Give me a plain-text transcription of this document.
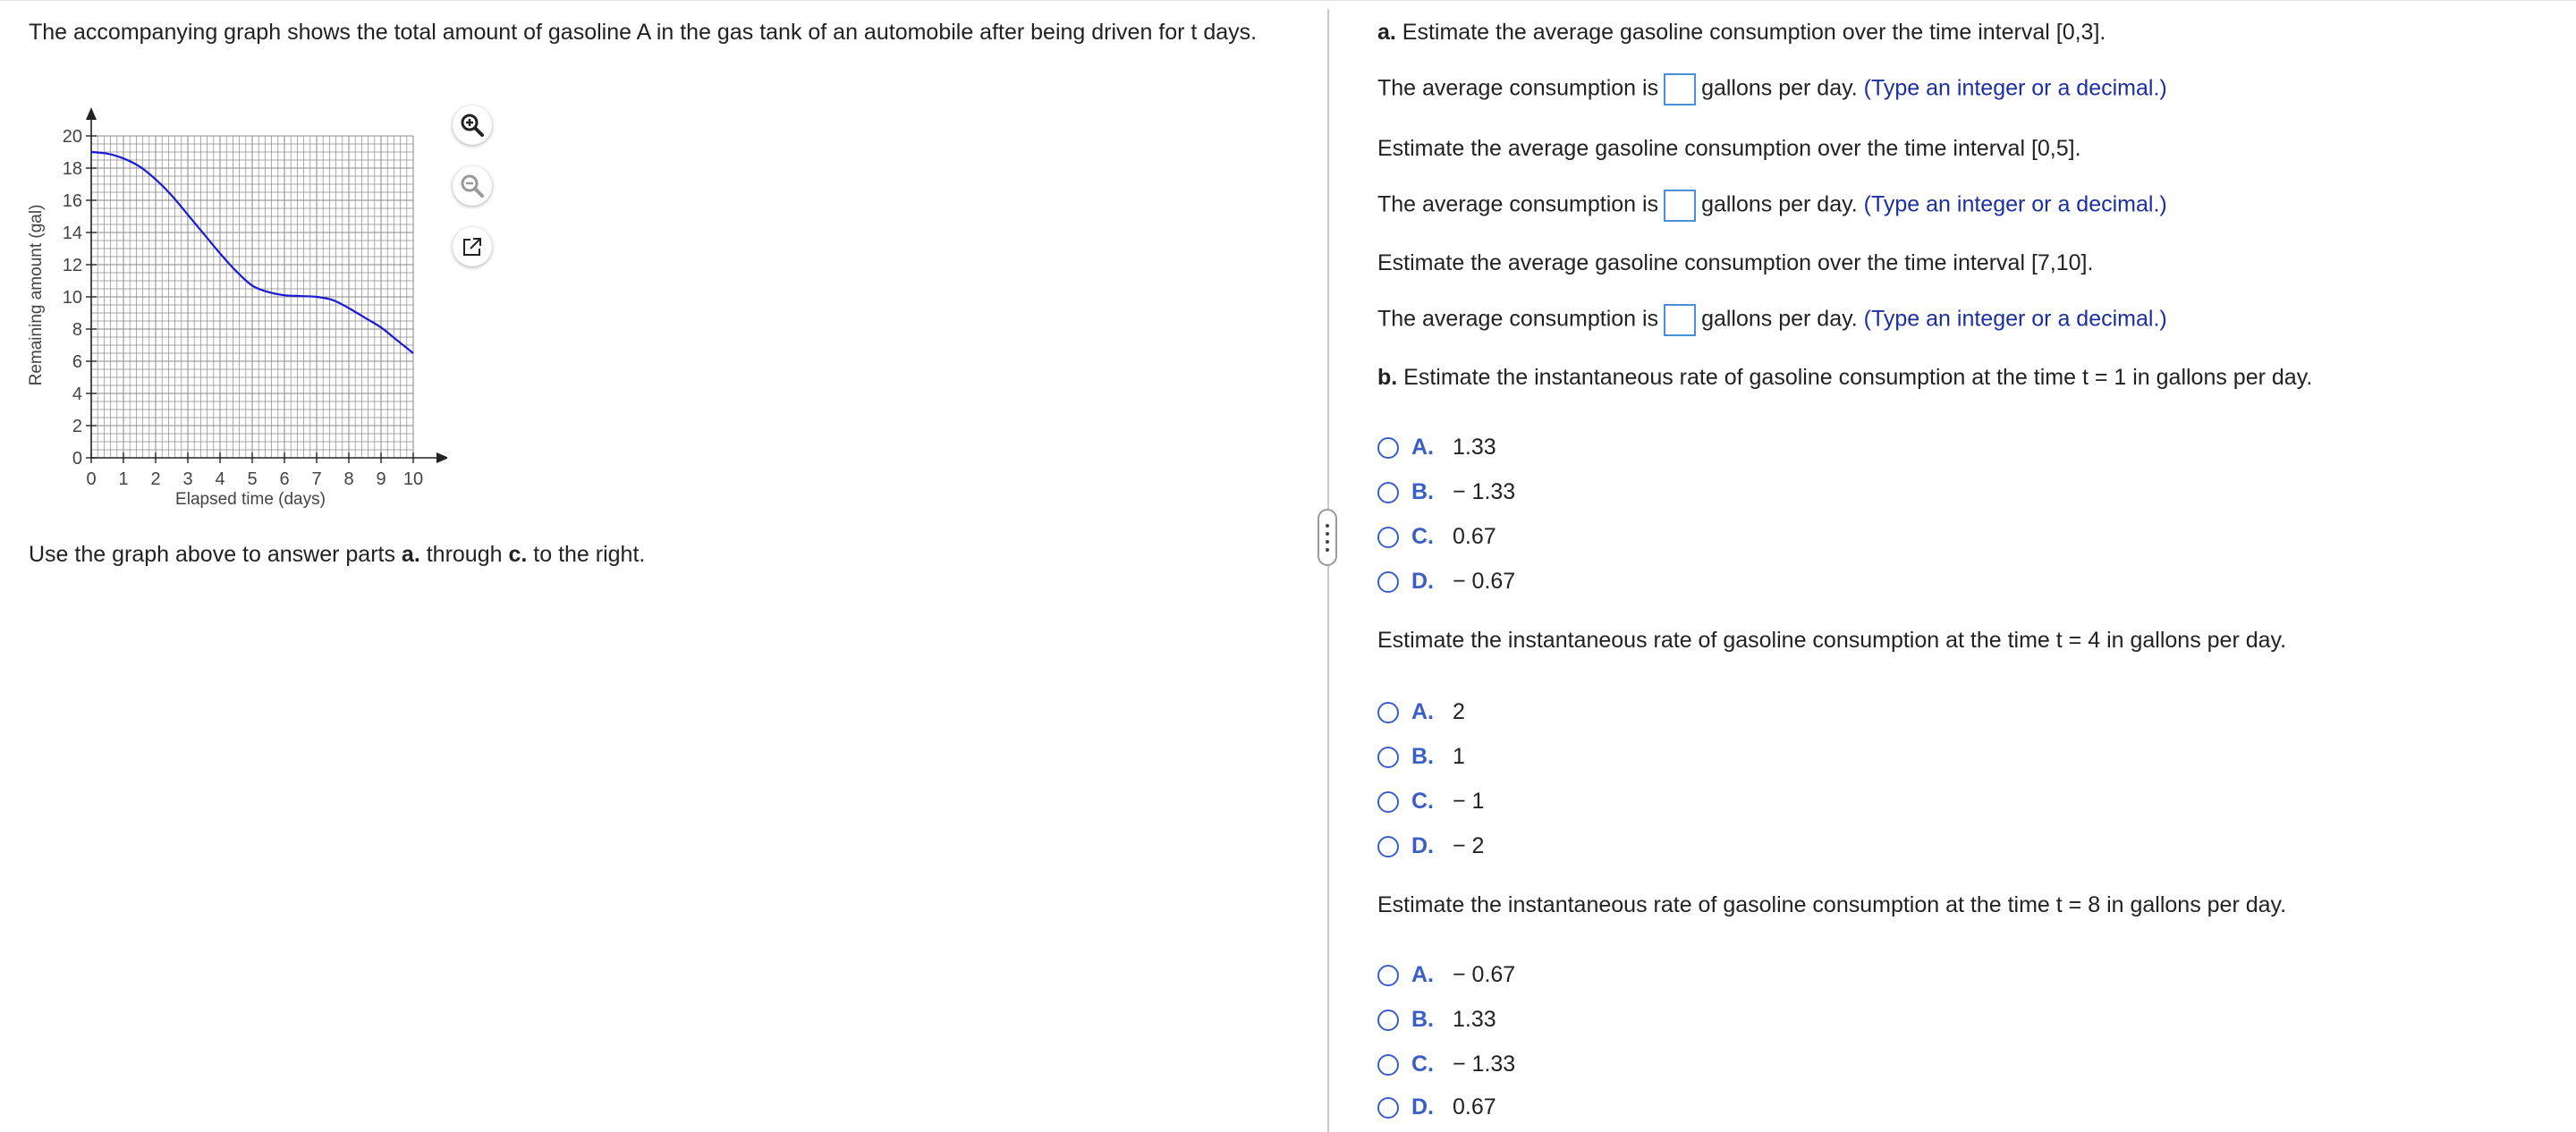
The accompanying graph shows the total amount of gasoline A in the gas tank of an automobile after being driven for t days.

0 1 2 3 4 5 6 7 8 9 10
0
2
4
6
8
10
12
14
16
18
20
Elapsed time (days)
Remaining amount (gal)

Use the graph above to answer parts a. through c. to the right.

a. Estimate the average gasoline consumption over the time interval [0,3].
The average consumption is gallons per day. (Type an integer or a decimal.)
Estimate the average gasoline consumption over the time interval [0,5].
The average consumption is gallons per day. (Type an integer or a decimal.)
Estimate the average gasoline consumption over the time interval [7,10].
The average consumption is gallons per day. (Type an integer or a decimal.)
b. Estimate the instantaneous rate of gasoline consumption at the time t = 1 in gallons per day.
A. 1.33
B. − 1.33
C. 0.67
D. − 0.67
Estimate the instantaneous rate of gasoline consumption at the time t = 4 in gallons per day.
A. 2
B. 1
C. − 1
D. − 2
Estimate the instantaneous rate of gasoline consumption at the time t = 8 in gallons per day.
A. − 0.67
B. 1.33
C. − 1.33
D. 0.67
